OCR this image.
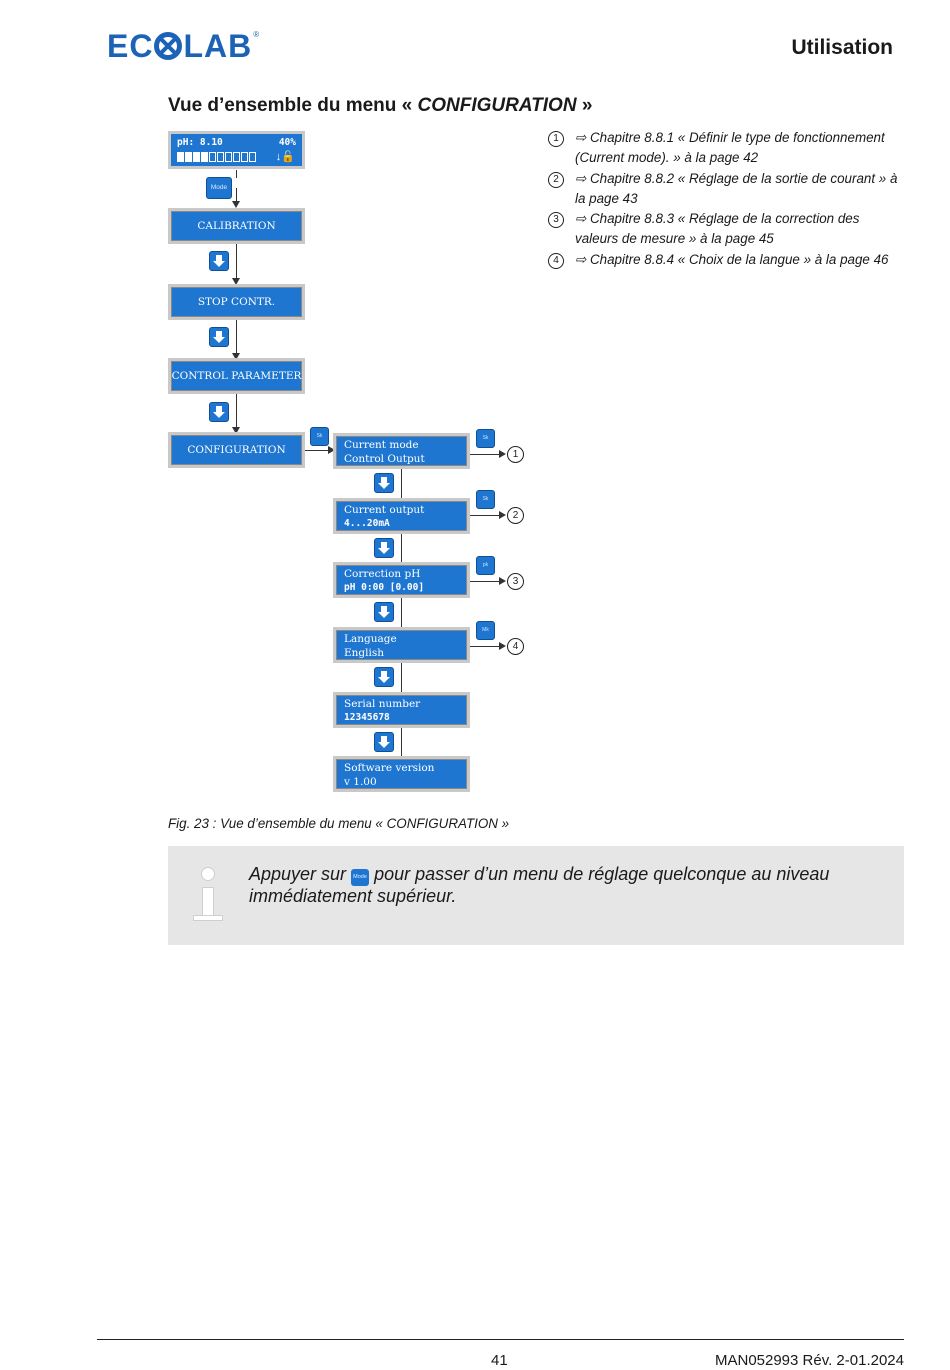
EC LAB ®
Utilisation
Vue d’ensemble du menu « CONFIGURATION »
pH: 8.10	40%
↓🔓
Mode
CALIBRATION
STOP CONTR.
CONTROL PARAMETER
CONFIGURATION
Sk
Current mode
Control Output
Sk
1
Current output
4...20mA
Sk
2
Correction pH
pH 0:00 [0.00]
pk
3
Language
English
Mk
4
Serial number
12345678
Software version
v 1.00
1	⇨ Chapitre 8.8.1 « Définir le type de fonctionnement (Current mode). » à la page 42
2	⇨ Chapitre 8.8.2 « Réglage de la sortie de courant » à la page 43
3	⇨ Chapitre 8.8.3 « Réglage de la correction des valeurs de mesure » à la page 45
4	⇨ Chapitre 8.8.4 « Choix de la langue » à la page 46
Fig. 23 : Vue d’ensemble du menu « CONFIGURATION »
Appuyer sur Mode pour passer d’un menu de réglage quelconque au niveau immédiatement supérieur.
41	MAN052993 Rév. 2-01.2024
